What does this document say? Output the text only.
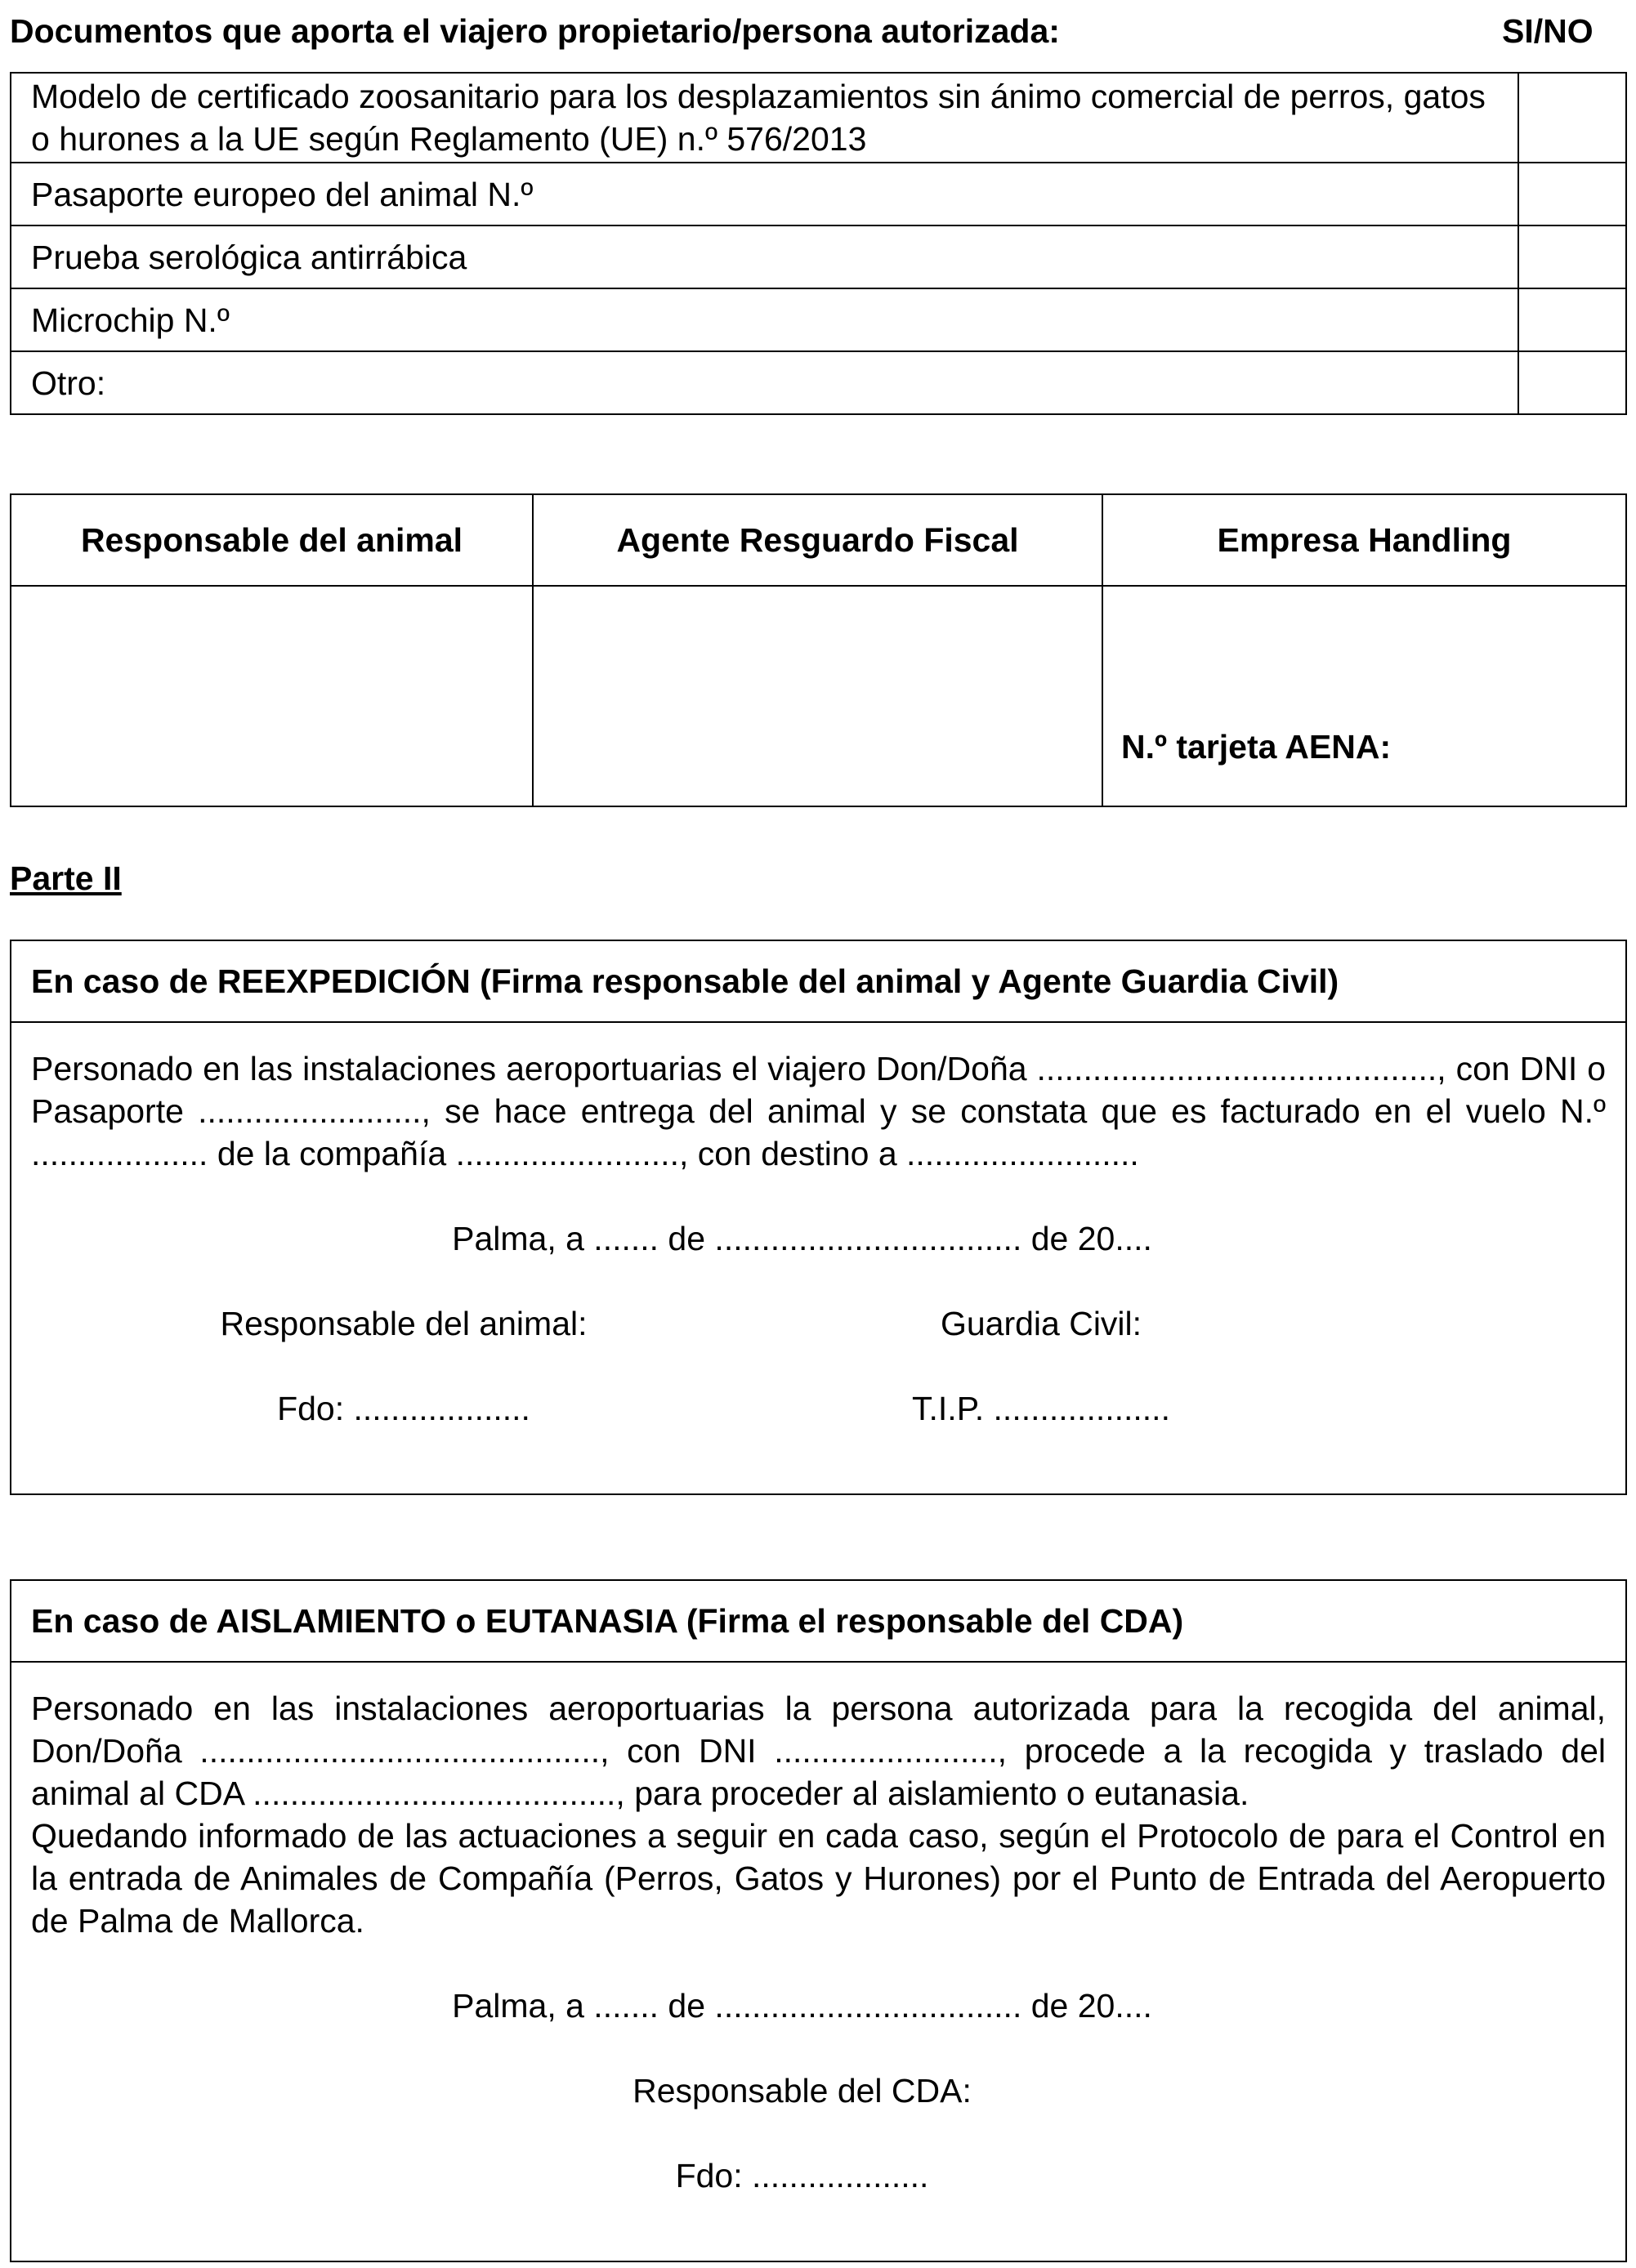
Documentos que aporta el viajero propietario/persona autorizada:	SI/NO
Modelo de certificado zoosanitario para los desplazamientos sin ánimo comercial de perros, gatos o hurones a la UE según Reglamento (UE) n.º 576/2013	
Pasaporte europeo del animal N.º	
Prueba serológica antirrábica	
Microchip N.º	
Otro:	
Responsable del animal	Agente Resguardo Fiscal	Empresa Handling

		N.º tarjeta AENA:
Parte II
En caso de REEXPEDICIÓN (Firma responsable del animal y Agente Guardia Civil)

Personado en las instalaciones aeroportuarias el viajero Don/Doña ..........................................., con DNI o Pasaporte ........................, se hace entrega del animal y se constata que es facturado en el vuelo N.º ................... de la compañía ........................, con destino a .........................

Palma, a ....... de ................................. de 20....
Responsable del animal:	Guardia Civil:
Fdo: ...................	T.I.P. ...................
En caso de AISLAMIENTO o EUTANASIA (Firma el responsable del CDA)

Personado en las instalaciones aeroportuarias la persona autorizada para la recogida del animal, Don/Doña ..........................................., con DNI ........................, procede a la recogida y traslado del animal al CDA ......................................., para proceder al aislamiento o eutanasia.

Quedando informado de las actuaciones a seguir en cada caso, según el Protocolo de para el Control en la entrada de Animales de Compañía (Perros, Gatos y Hurones) por el Punto de Entrada del Aeropuerto de Palma de Mallorca.

Palma, a ....... de ................................. de 20....
Responsable del CDA:
Fdo: ...................
